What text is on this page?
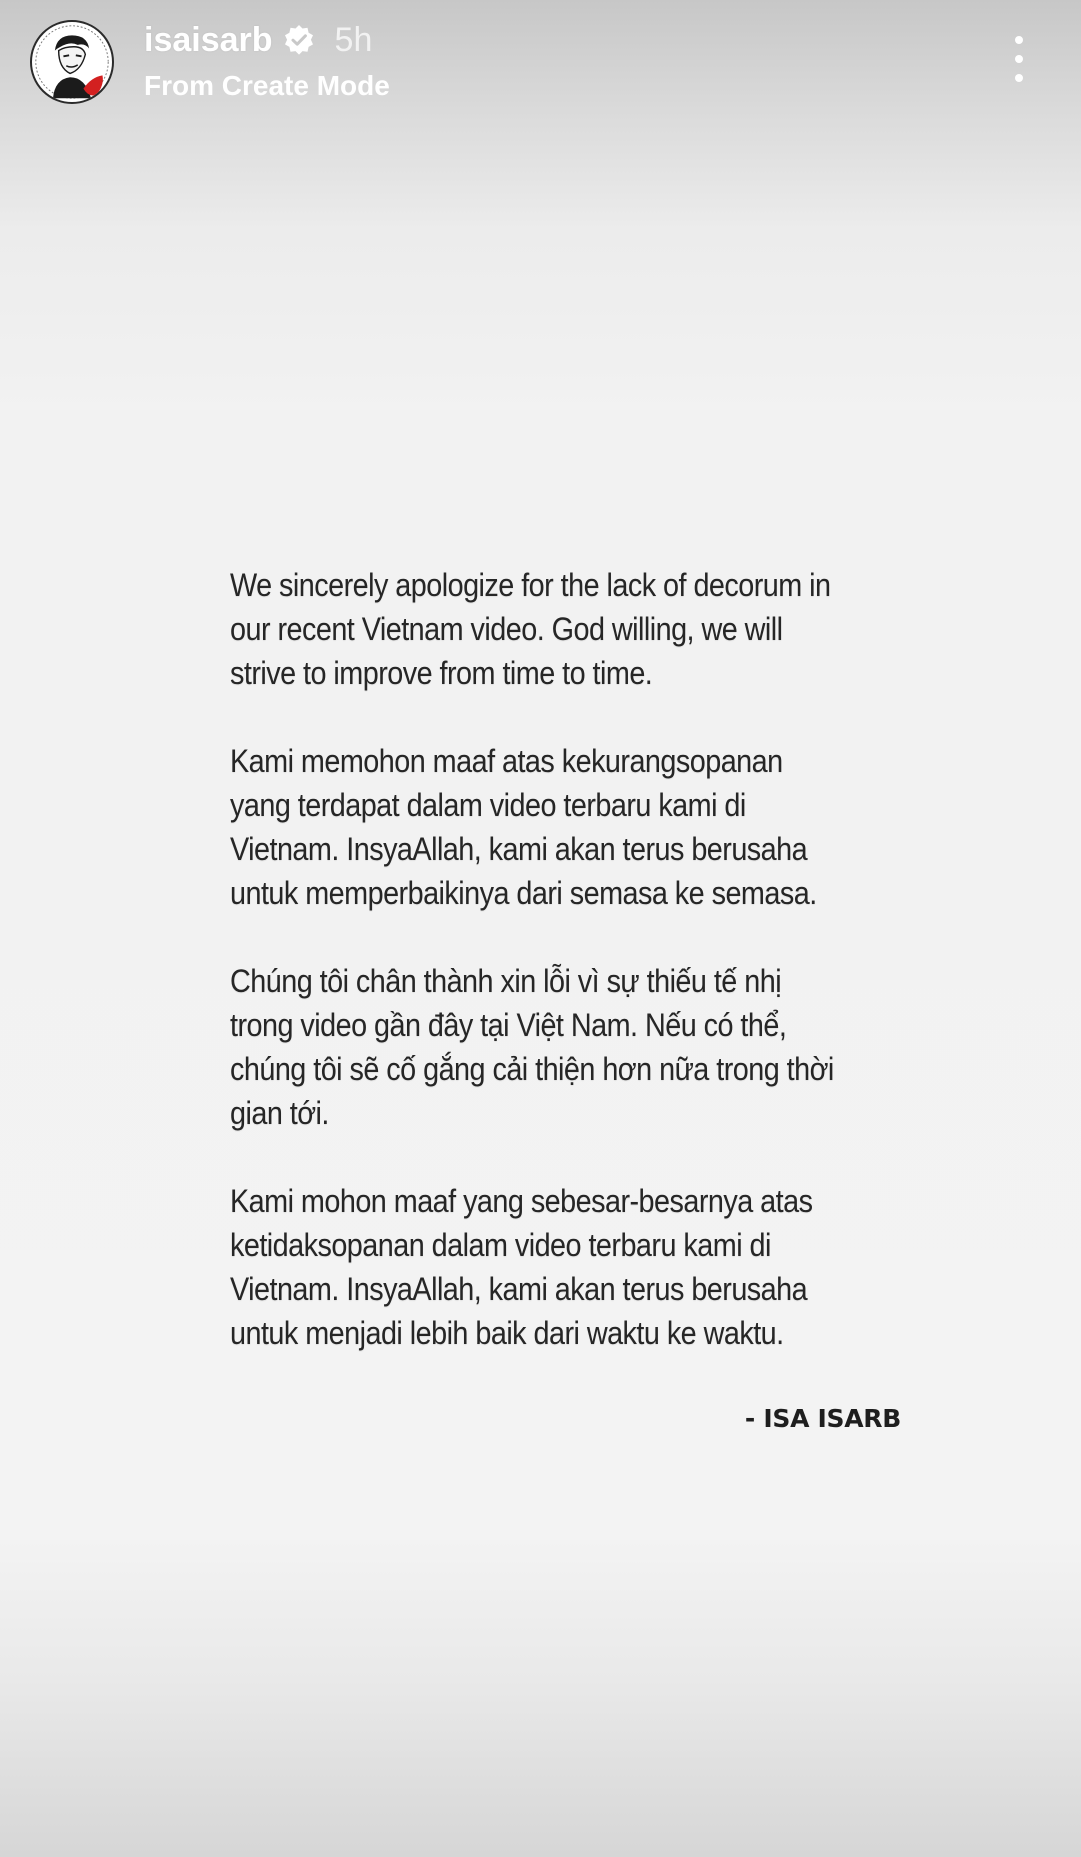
isaisarb 5h
From Create Mode

We sincerely apologize for the lack of decorum in our recent Vietnam video. God willing, we will strive to improve from time to time.

Kami memohon maaf atas kekurangsopanan yang terdapat dalam video terbaru kami di Vietnam. InsyaAllah, kami akan terus berusaha untuk memperbaikinya dari semasa ke semasa.

Chúng tôi chân thành xin lỗi vì sự thiếu tế nhị trong video gần đây tại Việt Nam. Nếu có thể, chúng tôi sẽ cố gắng cải thiện hơn nữa trong thời gian tới.

Kami mohon maaf yang sebesar-besarnya atas ketidaksopanan dalam video terbaru kami di Vietnam. InsyaAllah, kami akan terus berusaha untuk menjadi lebih baik dari waktu ke waktu.

- ISA ISARB
